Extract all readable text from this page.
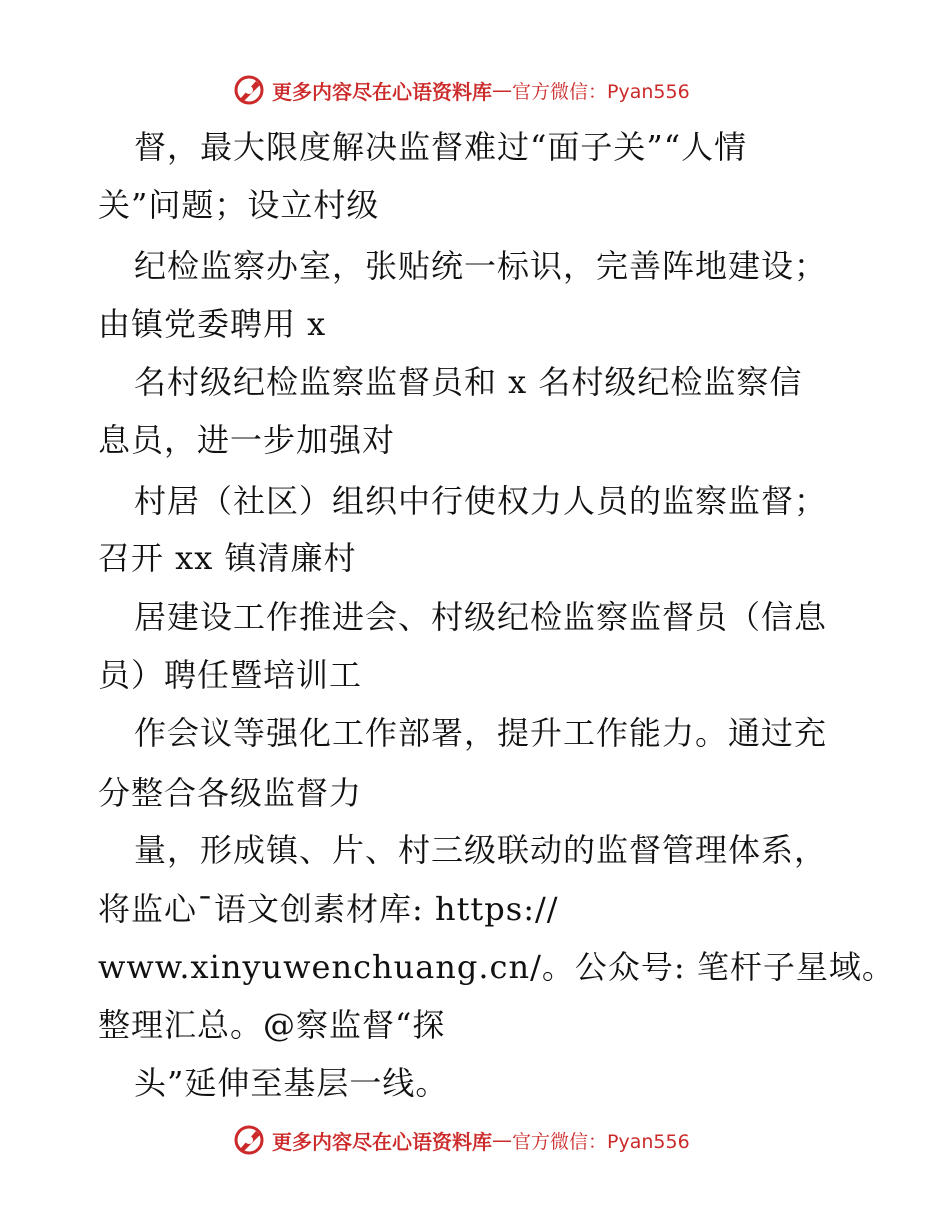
更多内容尽在心语资料库 — 官方微信：Pyan556
督，最大限度解决监督难过“面子关”“人情
关”问题；设立村级
纪检监察办室，张贴统一标识，完善阵地建设；
由镇党委聘用 x
名村级纪检监察监督员和 x 名村级纪检监察信
息员，进一步加强对
村居（社区）组织中行使权力人员的监察监督；
召开 xx 镇清廉村
居建设工作推进会、村级纪检监察监督员（信息
员）聘任暨培训工
作会议等强化工作部署，提升工作能力。通过充
分整合各级监督力
量，形成镇、片、村三级联动的监督管理体系，
将监心¯语文创素材库: https://
www.xinyuwenchuang.cn/。公众号: 笔杆子星域。
整理汇总。@察监督“探
头”延伸至基层一线。
更多内容尽在心语资料库 — 官方微信：Pyan556
